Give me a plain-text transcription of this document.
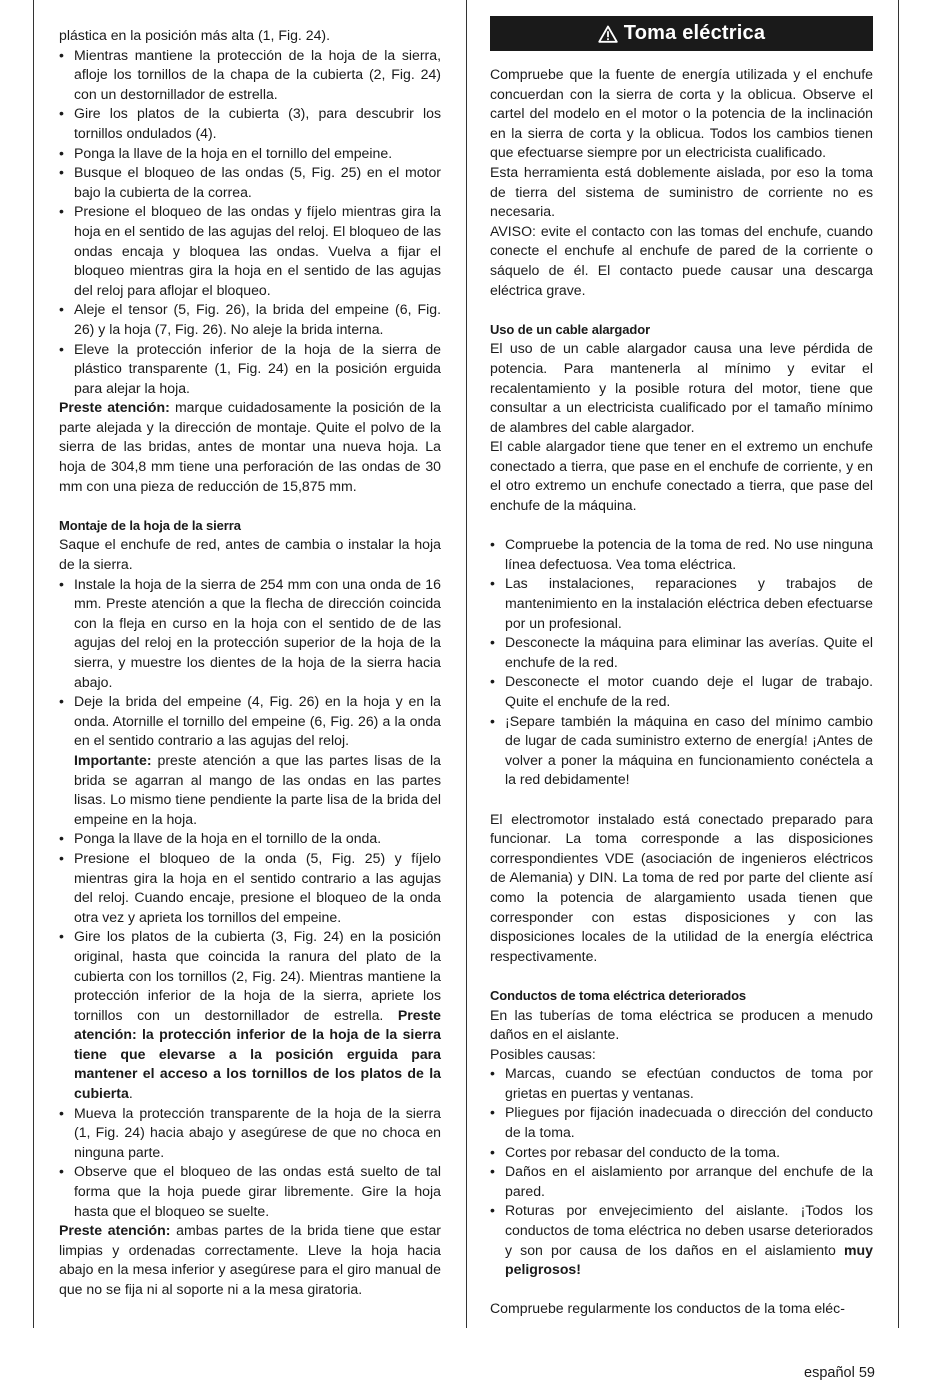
plástica en la posición más alta (1, Fig. 24).

• Mientras mantiene la protección de la hoja de la sierra, afloje los tornillos de la chapa de la cubierta (2, Fig. 24) con un destornillador de estrella.
• Gire los platos de la cubierta (3), para descubrir los tornillos ondulados (4).
• Ponga la llave de la hoja en el tornillo del empeine.
• Busque el bloqueo de las ondas (5, Fig. 25) en el motor bajo la cubierta de la correa.
• Presione el bloqueo de las ondas y fíjelo mientras gira la hoja en el sentido de las agujas del reloj. El bloqueo de las ondas encaja y bloquea las ondas. Vuelva a fijar el bloqueo mientras gira la hoja en el sentido de las agujas del reloj para aflojar el bloqueo.
• Aleje el tensor (5, Fig. 26), la brida del empeine (6, Fig. 26) y la hoja (7, Fig. 26). No aleje la brida interna.
• Eleve la protección inferior de la hoja de la sierra de plástico transparente (1, Fig. 24) en la posición erguida para alejar la hoja.

Preste atención: marque cuidadosamente la posición de la parte alejada y la dirección de montaje. Quite el polvo de la sierra de las bridas, antes de montar una nueva hoja. La hoja de 304,8 mm tiene una perforación de las ondas de 30 mm con una pieza de reducción de 15,875 mm.

Montaje de la hoja de la sierra

Saque el enchufe de red, antes de cambia o instalar la hoja de la sierra.

• Instale la hoja de la sierra de 254 mm con una onda de 16 mm. Preste atención a que la flecha de dirección coincida con la fleja en curso en la hoja con el sentido de de las agujas del reloj en la protección superior de la hoja de la sierra, y muestre los dientes de la hoja de la sierra hacia abajo.
• Deje la brida del empeine (4, Fig. 26) en la hoja y en la onda. Atornille el tornillo del empeine (6, Fig. 26) a la onda en el sentido contrario a las agujas del reloj.
Importante: preste atención a que las partes lisas de la brida se agarran al mango de las ondas en las partes lisas. Lo mismo tiene pendiente la parte lisa de la brida del empeine en la hoja.
• Ponga la llave de la hoja en el tornillo de la onda.
• Presione el bloqueo de la onda (5, Fig. 25) y fíjelo mientras gira la hoja en el sentido contrario a las agujas del reloj. Cuando encaje, presione el bloqueo de la onda otra vez y aprieta los tornillos del empeine.
• Gire los platos de la cubierta (3, Fig. 24) en la posición original, hasta que coincida la ranura del plato de la cubierta con los tornillos (2, Fig. 24). Mientras mantiene la protección inferior de la hoja de la sierra, apriete los tornillos con un destornillador de estrella. Preste atención: la protección inferior de la hoja de la sierra tiene que elevarse a la posición erguida para mantener el acceso a los tornillos de los platos de la cubierta.
• Mueva la protección transparente de la hoja de la sierra (1, Fig. 24) hacia abajo y asegúrese de que no choca en ninguna parte.
• Observe que el bloqueo de las ondas está suelto de tal forma que la hoja puede girar libremente. Gire la hoja hasta que el bloqueo se suelte.

Preste atención: ambas partes de la brida tiene que estar limpias y ordenadas correctamente. Lleve la hoja hacia abajo en la mesa inferior y asegúrese para el giro manual de que no se fija ni al soporte ni a la mesa giratoria.

Toma eléctrica

Compruebe que la fuente de energía utilizada y el enchufe concuerdan con la sierra de corta y la oblicua. Observe el cartel del modelo en el motor o la potencia de la inclinación en la sierra de corta y la oblicua. Todos los cambios tienen que efectuarse siempre por un electricista cualificado.

Esta herramienta está doblemente aislada, por eso la toma de tierra del sistema de suministro de corriente no es necesaria.

AVISO: evite el contacto con las tomas del enchufe, cuando conecte el enchufe al enchufe de pared de la corriente o sáquelo de él. El contacto puede causar una descarga eléctrica grave.

Uso de un cable alargador

El uso de un cable alargador causa una leve pérdida de potencia. Para mantenerla al mínimo y evitar el recalentamiento y la posible rotura del motor, tiene que consultar a un electricista cualificado por el tamaño mínimo de alambres del cable alargador.

El cable alargador tiene que tener en el extremo un enchufe conectado a tierra, que pase en el enchufe de corriente, y en el otro extremo un enchufe conectado a tierra, que pase del enchufe de la máquina.

• Compruebe la potencia de la toma de red. No use ninguna línea defectuosa. Vea toma eléctrica.
• Las instalaciones, reparaciones y trabajos de mantenimiento en la instalación eléctrica deben efectuarse por un profesional.
• Desconecte la máquina para eliminar las averías. Quite el enchufe de la red.
• Desconecte el motor cuando deje el lugar de trabajo. Quite el enchufe de la red.
• ¡Separe también la máquina en caso del mínimo cambio de lugar de cada suministro externo de energía! ¡Antes de volver a poner la máquina en funcionamiento conéctela a la red debidamente!

El electromotor instalado está conectado preparado para funcionar. La toma corresponde a las disposiciones correspondientes VDE (asociación de ingenieros eléctricos de Alemania) y DIN. La toma de red por parte del cliente así como la potencia de alargamiento usada tienen que corresponder con estas disposiciones y con las disposiciones locales de la utilidad de la energía eléctrica respectivamente.

Conductos de toma eléctrica deteriorados

En las tuberías de toma eléctrica se producen a menudo daños en el aislante.

Posibles causas:

• Marcas, cuando se efectúan conductos de toma por grietas en puertas y ventanas.
• Pliegues por fijación inadecuada o dirección del conducto de la toma.
• Cortes por rebasar del conducto de la toma.
• Daños en el aislamiento por arranque del enchufe de la pared.
• Roturas por envejecimiento del aislante. ¡Todos los conductos de toma eléctrica no deben usarse deteriorados y son por causa de los daños en el aislamiento muy peligrosos!

Compruebe regularmente los conductos de la toma eléc-

español 59
